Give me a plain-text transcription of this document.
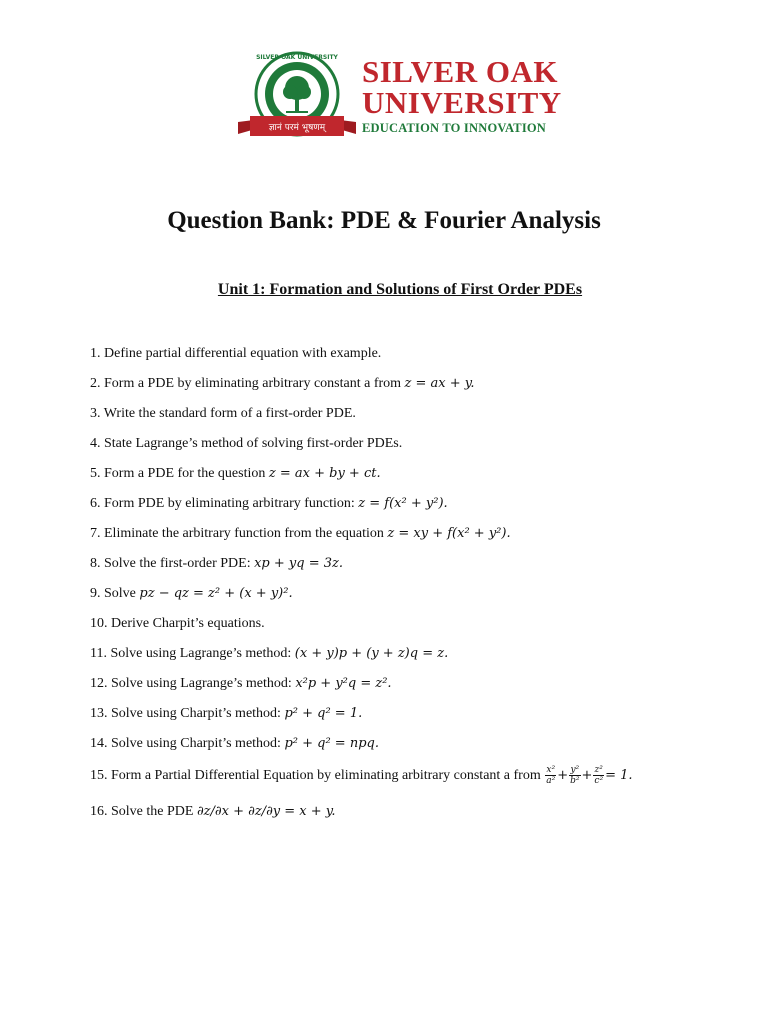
ज्ञानं परमं भूषणम्
SILVER OAK UNIVERSITY SILVER OAK
UNIVERSITY
EDUCATION TO INNOVATION
Question Bank: PDE & Fourier Analysis
Unit 1: Formation and Solutions of First Order PDEs
1. Define partial differential equation with example.
2. Form a PDE by eliminating arbitrary constant a from z = ax + y.
3. Write the standard form of a first-order PDE.
4. State Lagrange’s method of solving first-order PDEs.
5. Form a PDE for the question z = ax + by + ct.
6. Form PDE by eliminating arbitrary function: z = f(x² + y²).
7. Eliminate the arbitrary function from the equation z = xy + f(x² + y²).
8. Solve the first-order PDE: xp + yq = 3z.
9. Solve pz − qz = z² + (x + y)².
10. Derive Charpit’s equations.
11. Solve using Lagrange’s method: (x + y)p + (y + z)q = z.
12. Solve using Lagrange’s method: x²p + y²q = z².
13. Solve using Charpit’s method: p² + q² = 1.
14. Solve using Charpit’s method: p² + q² = npq.
15. Form a Partial Differential Equation by eliminating arbitrary constant a from $\frac{\text{x²}}{\text{a²}} + \frac{\text{y²}}{\text{b²}} + \frac{\text{z²}}{\text{c²}} = 1$.
16. Solve the PDE ∂z/∂x + ∂z/∂y = x + y.
